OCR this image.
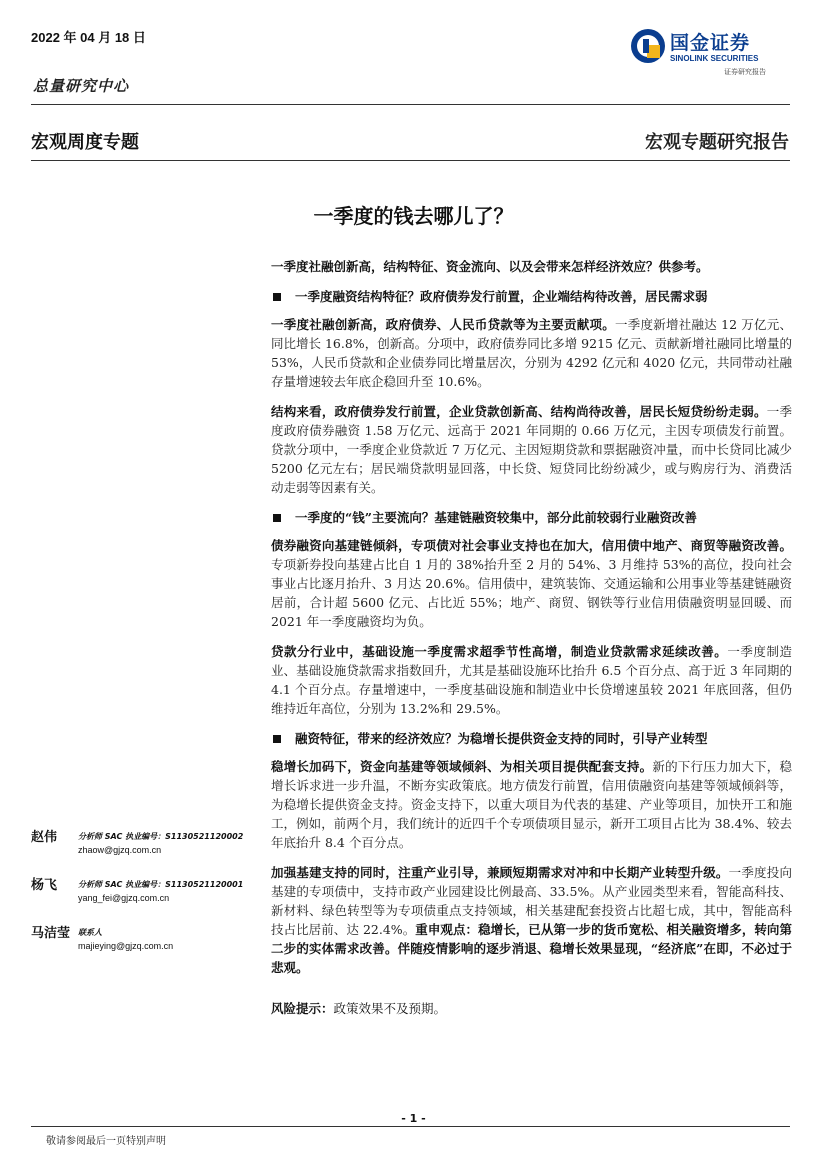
2022 年 04 月 18 日
总量研究中心
国金证券
SINOLINK SECURITIES
证券研究报告
宏观周度专题	宏观专题研究报告
一季度的钱去哪儿了？
一季度社融创新高，结构特征、资金流向、以及会带来怎样经济效应？供参考。
一季度融资结构特征？政府债券发行前置，企业端结构待改善，居民需求弱

一季度社融创新高，政府债券、人民币贷款等为主要贡献项。一季度新增社融达 12 万亿元、同比增长 16.8%，创新高。分项中，政府债券同比多增 9215 亿元、贡献新增社融同比增量的 53%，人民币贷款和企业债券同比增量居次，分别为 4292 亿元和 4020 亿元，共同带动社融存量增速较去年底企稳回升至 10.6%。

结构来看，政府债券发行前置，企业贷款创新高、结构尚待改善，居民长短贷纷纷走弱。一季度政府债券融资 1.58 万亿元、远高于 2021 年同期的 0.66 万亿元，主因专项债发行前置。贷款分项中，一季度企业贷款近 7 万亿元、主因短期贷款和票据融资冲量，而中长贷同比减少 5200 亿元左右；居民端贷款明显回落，中长贷、短贷同比纷纷减少，或与购房行为、消费活动走弱等因素有关。

一季度的“钱”主要流向？基建链融资较集中，部分此前较弱行业融资改善

债券融资向基建链倾斜，专项债对社会事业支持也在加大，信用债中地产、商贸等融资改善。专项新券投向基建占比自 1 月的 38%抬升至 2 月的 54%、3 月维持 53%的高位，投向社会事业占比逐月抬升、3 月达 20.6%。信用债中，建筑装饰、交通运输和公用事业等基建链融资居前，合计超 5600 亿元、占比近 55%；地产、商贸、钢铁等行业信用债融资明显回暖、而 2021 年一季度融资均为负。

贷款分行业中，基础设施一季度需求超季节性高增，制造业贷款需求延续改善。一季度制造业、基础设施贷款需求指数回升，尤其是基础设施环比抬升 6.5 个百分点、高于近 3 年同期的 4.1 个百分点。存量增速中，一季度基础设施和制造业中长贷增速虽较 2021 年底回落，但仍维持近年高位，分别为 13.2%和 29.5%。

融资特征，带来的经济效应？为稳增长提供资金支持的同时，引导产业转型

稳增长加码下，资金向基建等领域倾斜、为相关项目提供配套支持。新的下行压力加大下，稳增长诉求进一步升温，不断夯实政策底。地方债发行前置，信用债融资向基建等领域倾斜等，为稳增长提供资金支持。资金支持下，以重大项目为代表的基建、产业等项目，加快开工和施工，例如，前两个月，我们统计的近四千个专项债项目显示，新开工项目占比为 38.4%、较去年底抬升 8.4 个百分点。

加强基建支持的同时，注重产业引导，兼顾短期需求对冲和中长期产业转型升级。一季度投向基建的专项债中，支持市政产业园建设比例最高、33.5%。从产业园类型来看，智能高科技、新材料、绿色转型等为专项债重点支持领域，相关基建配套投资占比超七成，其中，智能高科技占比居前、达 22.4%。重申观点：稳增长，已从第一步的货币宽松、相关融资增多，转向第二步的实体需求改善。伴随疫情影响的逐步消退、稳增长效果显现，“经济底”在即，不必过于悲观。

风险提示：政策效果不及预期。

赵伟	分析师 SAC 执业编号：S1130521120002
zhaow@gjzq.com.cn
杨飞	分析师 SAC 执业编号：S1130521120001
yang_fei@gjzq.com.cn
马洁莹 联系人
majieying@gjzq.com.cn
- 1 -
敬请参阅最后一页特别声明
